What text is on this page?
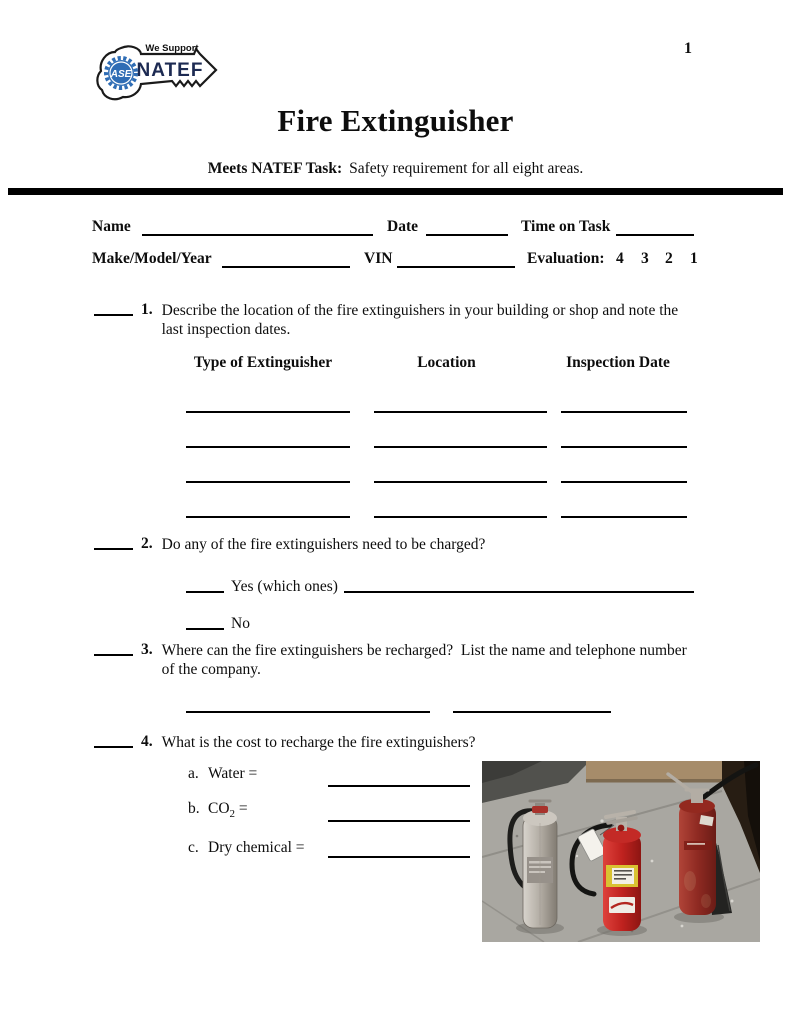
We Support
ASE NATEF
1
Fire Extinguisher
Meets NATEF Task: Safety requirement for all eight areas.
Name	Date	Time on Task
Make/Model/Year	VIN	Evaluation: 4 3 2 1
1. Describe the location of the fire extinguishers in your building or shop and note the
last inspection dates.
Type of Extinguisher	Location	Inspection Date
2. Do any of the fire extinguishers need to be charged?
Yes (which ones)
No
3. Where can the fire extinguishers be recharged?  List the name and telephone number
of the company.
4. What is the cost to recharge the fire extinguishers?
a. Water =
b. $CO_2$ =
c. Dry chemical =
